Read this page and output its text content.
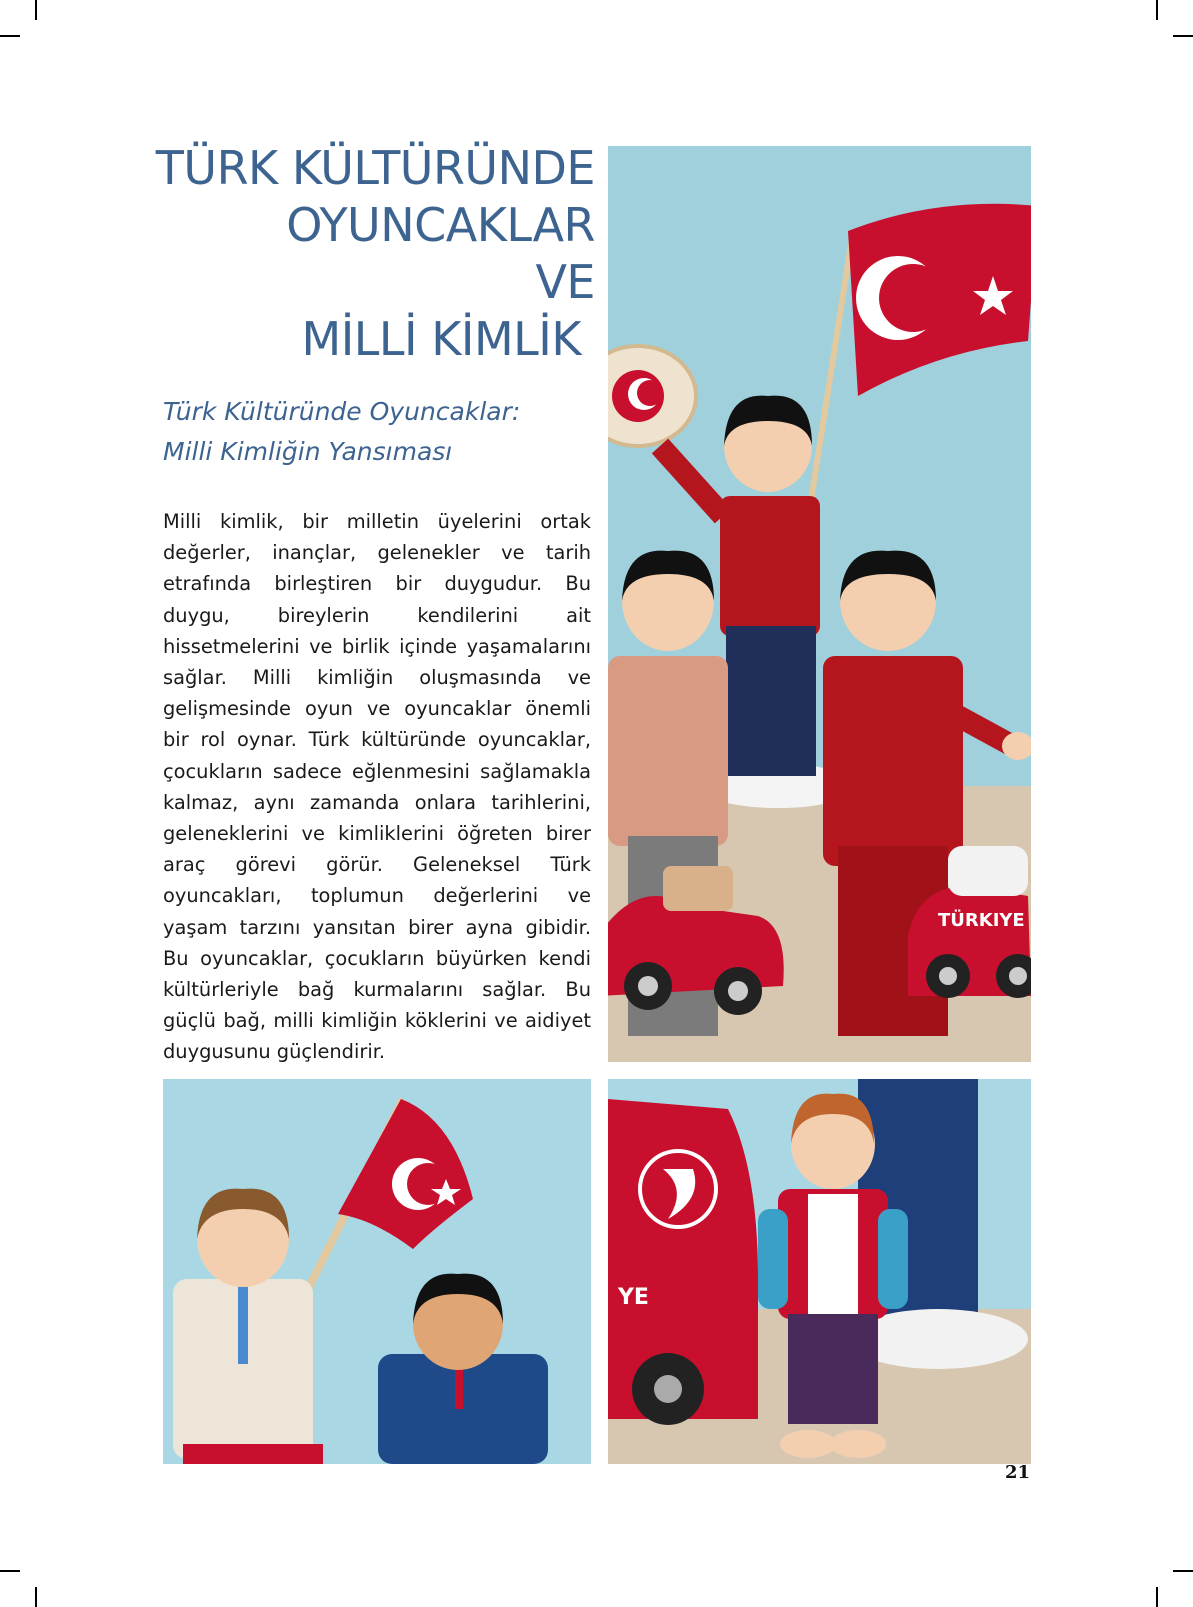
TÜRK KÜLTÜRÜNDE
OYUNCAKLAR
VE
MİLLİ KİMLİK
Türk Kültüründe Oyuncaklar:
Milli Kimliğin Yansıması
Milli kimlik, bir milletin üyelerini ortak değerler, inançlar, gelenekler ve tarih etrafında birleştiren bir duygudur. Bu duygu, bireylerin kendilerini ait hissetmelerini ve birlik içinde yaşamalarını sağlar. Milli kimliğin oluşmasında ve gelişmesinde oyun ve oyuncaklar önemli bir rol oynar. Türk kültüründe oyuncaklar, çocukların sadece eğlenmesini sağlamakla kalmaz, aynı zamanda onlara tarihlerini, geleneklerini ve kimliklerini öğreten birer araç görevi görür. Geleneksel Türk oyuncakları, toplumun değerlerini ve yaşam tarzını yansıtan birer ayna gibidir. Bu oyuncaklar, çocukların büyürken kendi kültürleriyle bağ kurmalarını sağlar. Bu güçlü bağ, milli kimliğin köklerini ve aidiyet duygusunu güçlendirir.
TÜRKIYE
YE
21
